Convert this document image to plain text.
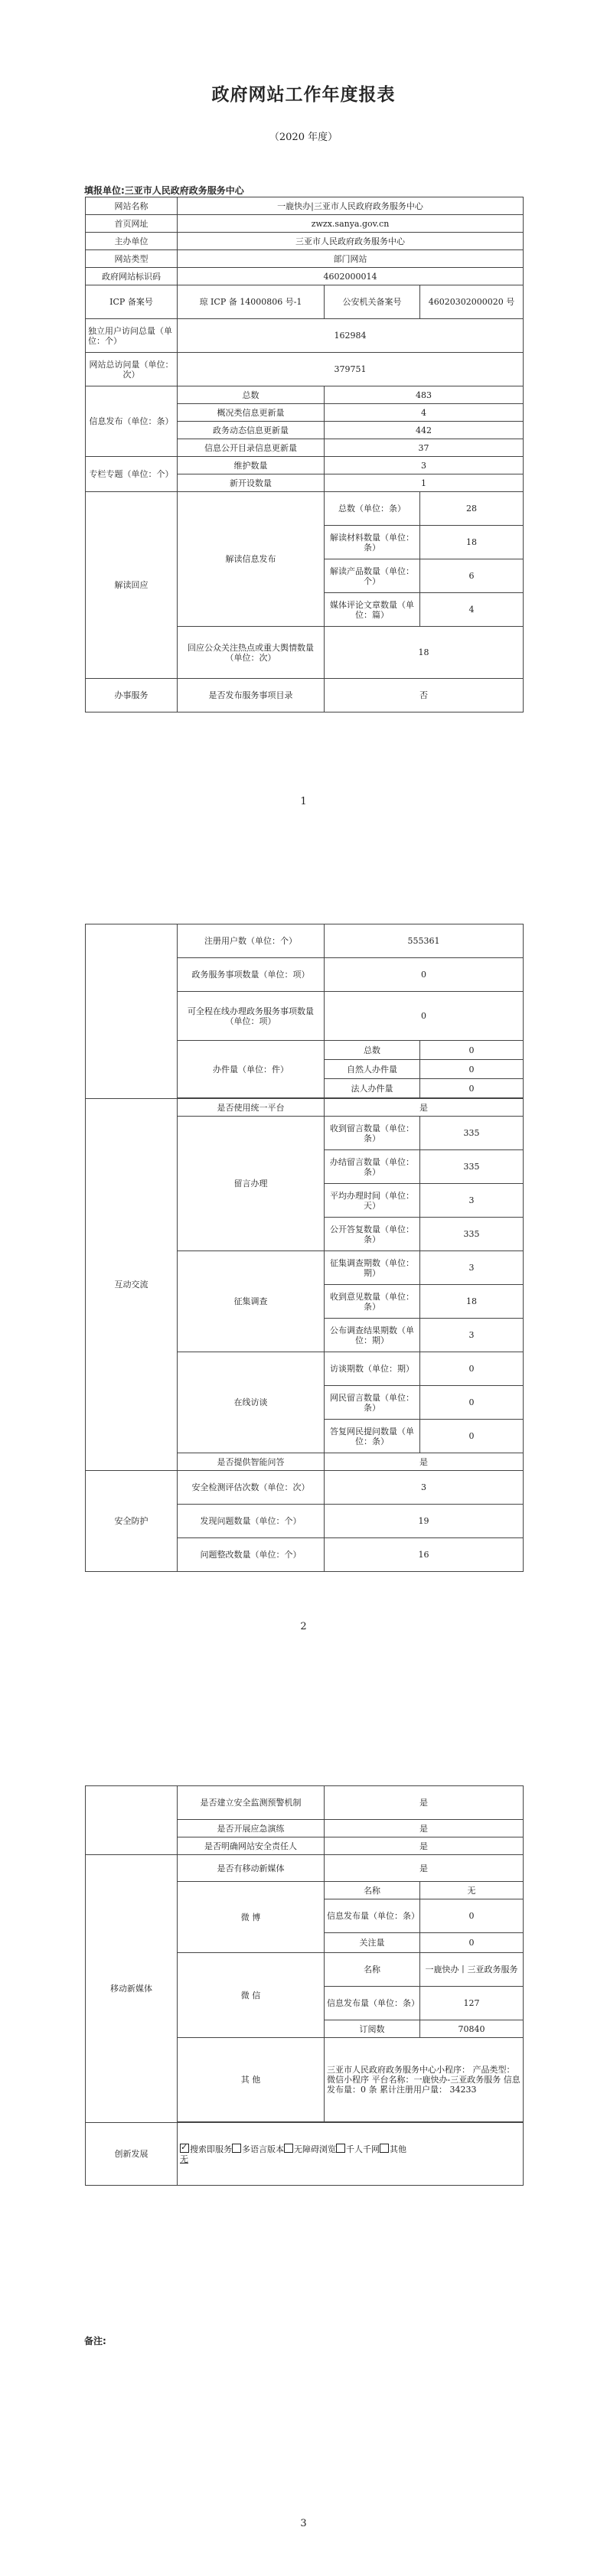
政府网站工作年度报表
（2020 年度）
填报单位:三亚市人民政府政务服务中心
网站名称	一鹿快办|三亚市人民政府政务服务中心		
首页网址	zwzx.sanya.gov.cn		
主办单位	三亚市人民政府政务服务中心		
网站类型	部门网站		
政府网站标识码	4602000014		
ICP 备案号	琼 ICP 备 14000806 号-1	公安机关备案号	46020302000020 号
独立用户访问总量（单位：个）	162984		
网站总访问量（单位：次）	379751		
信息发布（单位：条）	总数	483	
	概况类信息更新量	4	
	政务动态信息更新量	442	
	信息公开目录信息更新量	37	
专栏专题（单位：个）	维护数量	3	
	新开设数量	1	
解读回应	解读信息发布	总数（单位：条）	28
		解读材料数量（单位：条）	18
		解读产品数量（单位：个）	6
		媒体评论文章数量（单位：篇）	4
	回应公众关注热点或重大舆情数量（单位：次）	18	
办事服务	是否发布服务事项目录	否	
1
	注册用户数（单位：个）	555361	
	政务服务事项数量（单位：项）	0	
	可全程在线办理政务服务事项数量（单位：项）	0	
	办件量（单位：件）	总数	0
		自然人办件量	0
		法人办件量	0

互动交流	是否使用统一平台	是	
	留言办理	收到留言数量（单位：条）	335
		办结留言数量（单位：条）	335
		平均办理时间（单位：天）	3
		公开答复数量（单位：条）	335
	征集调查	征集调查期数（单位：期）	3
		收到意见数量（单位：条）	18
		公布调查结果期数（单位：期）	3
	在线访谈	访谈期数（单位：期）	0
		网民留言数量（单位：条）	0
		答复网民提问数量（单位：条）	0
	是否提供智能问答	是	
安全防护	安全检测评估次数（单位：次）	3	
	发现问题数量（单位：个）	19	
	问题整改数量（单位：个）	16	
2
	是否建立安全监测预警机制	是	
	是否开展应急演练	是	
	是否明确网站安全责任人	是	
移动新媒体	是否有移动新媒体	是	
	微 博	名称	无
		信息发布量（单位：条）	0
		关注量	0
	微 信	名称	一鹿快办丨三亚政务服务
		信息发布量（单位：条）	127
		订阅数	70840
	其 他	三亚市人民政府政务服务中心小程序： 产品类型：微信小程序 平台名称：一鹿快办-三亚政务服务 信息发布量：0 条 累计注册用户量： 34233	

创新发展	✓搜索即服务 多语言版本 无障碍浏览 千人千网 其他
无
备注:
3
